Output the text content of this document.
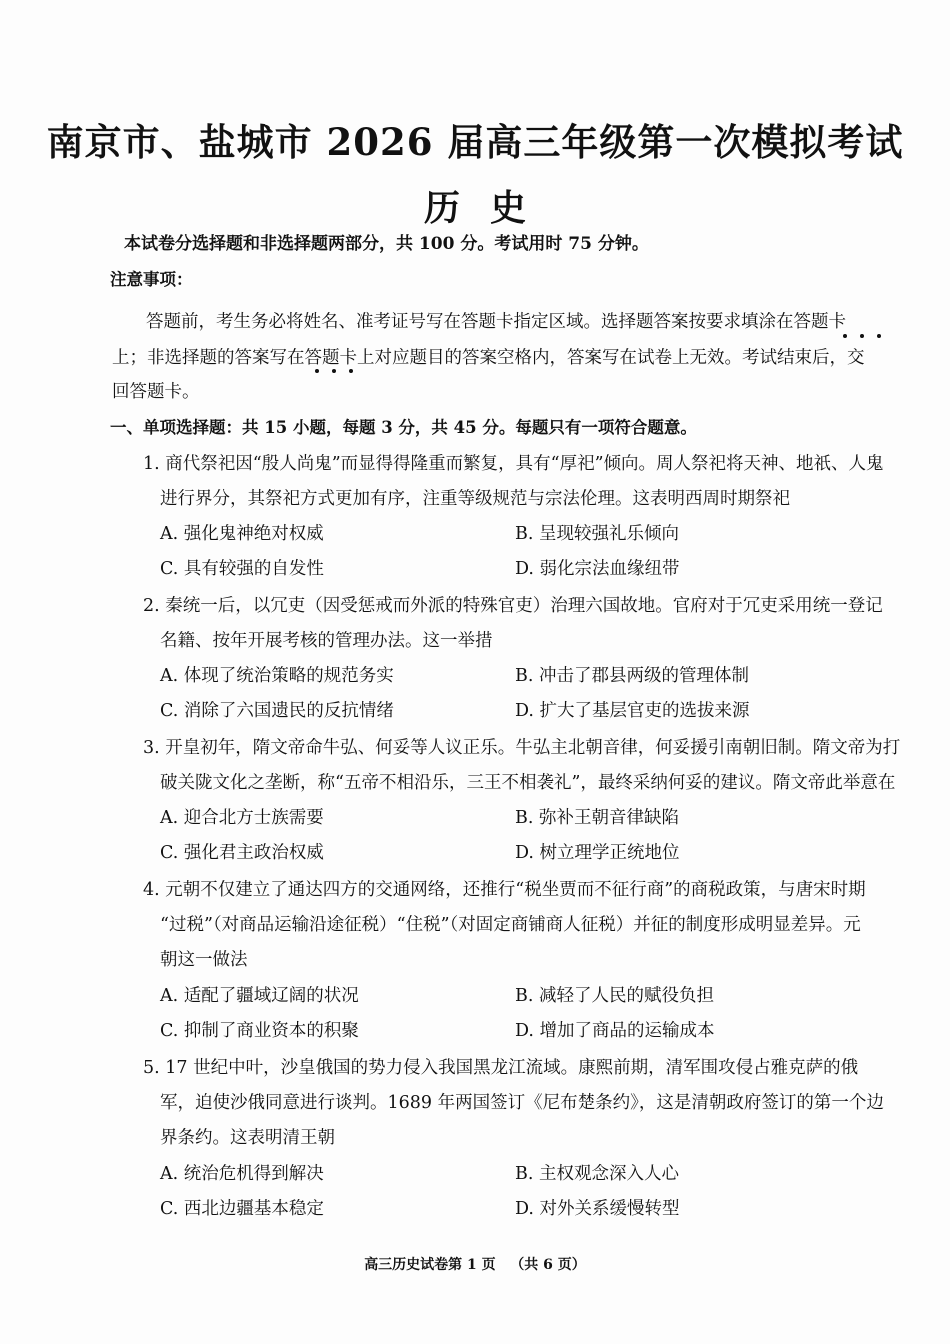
南京市、盐城市 2026 届高三年级第一次模拟考试
历史
本试卷分选择题和非选择题两部分，共 100 分。考试用时 75 分钟。
注意事项：
答题前，考生务必将姓名、准考证号写在答题卡指定区域。选择题答案按要求填涂在答题卡
上；非选择题的答案写在答题卡上对应题目的答案空格内，答案写在试卷上无效。考试结束后，交
回答题卡。
一、单项选择题：共 15 小题，每题 3 分，共 45 分。每题只有一项符合题意。
1. 商代祭祀因“殷人尚鬼”而显得得隆重而繁复，具有“厚祀”倾向。周人祭祀将天神、地祇、人鬼
进行界分，其祭祀方式更加有序，注重等级规范与宗法伦理。这表明西周时期祭祀
A. 强化鬼神绝对权威	B. 呈现较强礼乐倾向
C. 具有较强的自发性	D. 弱化宗法血缘纽带
2. 秦统一后，以冗吏（因受惩戒而外派的特殊官吏）治理六国故地。官府对于冗吏采用统一登记
名籍、按年开展考核的管理办法。这一举措
A. 体现了统治策略的规范务实	B. 冲击了郡县两级的管理体制
C. 消除了六国遗民的反抗情绪	D. 扩大了基层官吏的选拔来源
3. 开皇初年，隋文帝命牛弘、何妥等人议正乐。牛弘主北朝音律，何妥援引南朝旧制。隋文帝为打
破关陇文化之垄断，称“五帝不相沿乐，三王不相袭礼”，最终采纳何妥的建议。隋文帝此举意在
A. 迎合北方士族需要	B. 弥补王朝音律缺陷
C. 强化君主政治权威	D. 树立理学正统地位
4. 元朝不仅建立了通达四方的交通网络，还推行“税坐贾而不征行商”的商税政策，与唐宋时期
“过税”（对商品运输沿途征税）“住税”（对固定商铺商人征税）并征的制度形成明显差异。元
朝这一做法
A. 适配了疆域辽阔的状况	B. 减轻了人民的赋役负担
C. 抑制了商业资本的积聚	D. 增加了商品的运输成本
5. 17 世纪中叶，沙皇俄国的势力侵入我国黑龙江流域。康熙前期，清军围攻侵占雅克萨的俄
军，迫使沙俄同意进行谈判。1689 年两国签订《尼布楚条约》，这是清朝政府签订的第一个边
界条约。这表明清王朝
A. 统治危机得到解决	B. 主权观念深入人心
C. 西北边疆基本稳定	D. 对外关系缓慢转型
高三历史试卷第 1 页   （共 6 页）
